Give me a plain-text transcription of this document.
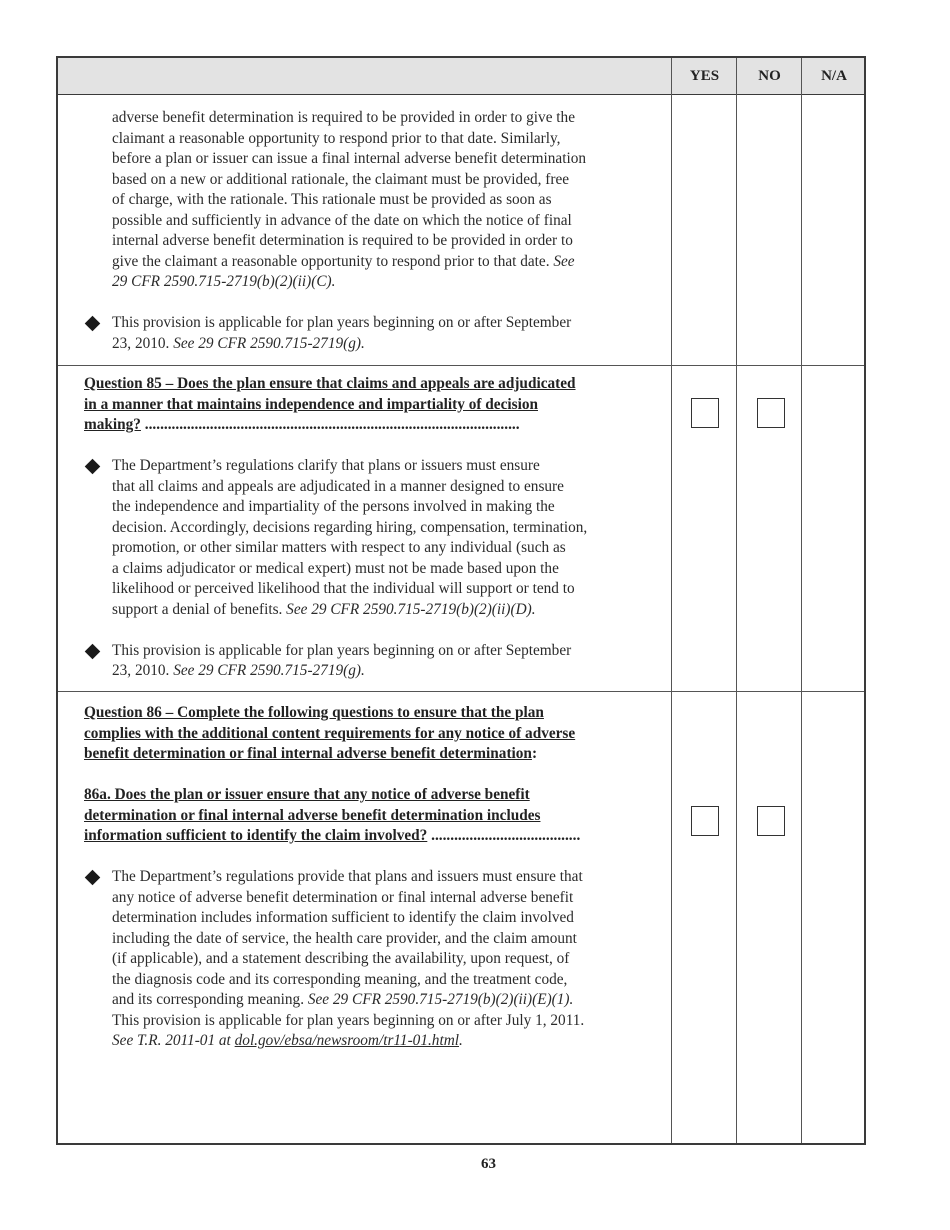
YES	NO	N/A

adverse benefit determination is required to be provided in order to give the
claimant a reasonable opportunity to respond prior to that date. Similarly,
before a plan or issuer can issue a final internal adverse benefit determination
based on a new or additional rationale, the claimant must be provided, free
of charge, with the rationale. This rationale must be provided as soon as
possible and sufficiently in advance of the date on which the notice of final
internal adverse benefit determination is required to be provided in order to
give the claimant a reasonable opportunity to respond prior to that date. See
29 CFR 2590.715-2719(b)(2)(ii)(C).

This provision is applicable for plan years beginning on or after September
23, 2010. See 29 CFR 2590.715-2719(g).

Question 85 – Does the plan ensure that claims and appeals are adjudicated
in a manner that maintains independence and impartiality of decision
making? ..................................................................................................

The Department’s regulations clarify that plans or issuers must ensure
that all claims and appeals are adjudicated in a manner designed to ensure
the independence and impartiality of the persons involved in making the
decision. Accordingly, decisions regarding hiring, compensation, termination,
promotion, or other similar matters with respect to any individual (such as
a claims adjudicator or medical expert) must not be made based upon the
likelihood or perceived likelihood that the individual will support or tend to
support a denial of benefits. See 29 CFR 2590.715-2719(b)(2)(ii)(D).
This provision is applicable for plan years beginning on or after September
23, 2010. See 29 CFR 2590.715-2719(g).

Question 86 – Complete the following questions to ensure that the plan
complies with the additional content requirements for any notice of adverse
benefit determination or final internal adverse benefit determination:

86a. Does the plan or issuer ensure that any notice of adverse benefit
determination or final internal adverse benefit determination includes
information sufficient to identify the claim involved? .......................................

The Department’s regulations provide that plans and issuers must ensure that
any notice of adverse benefit determination or final internal adverse benefit
determination includes information sufficient to identify the claim involved
including the date of service, the health care provider, and the claim amount
(if applicable), and a statement describing the availability, upon request, of
the diagnosis code and its corresponding meaning, and the treatment code,
and its corresponding meaning. See 29 CFR 2590.715-2719(b)(2)(ii)(E)(1).
This provision is applicable for plan years beginning on or after July 1, 2011.
See T.R. 2011-01 at dol.gov/ebsa/newsroom/tr11-01.html.
63
